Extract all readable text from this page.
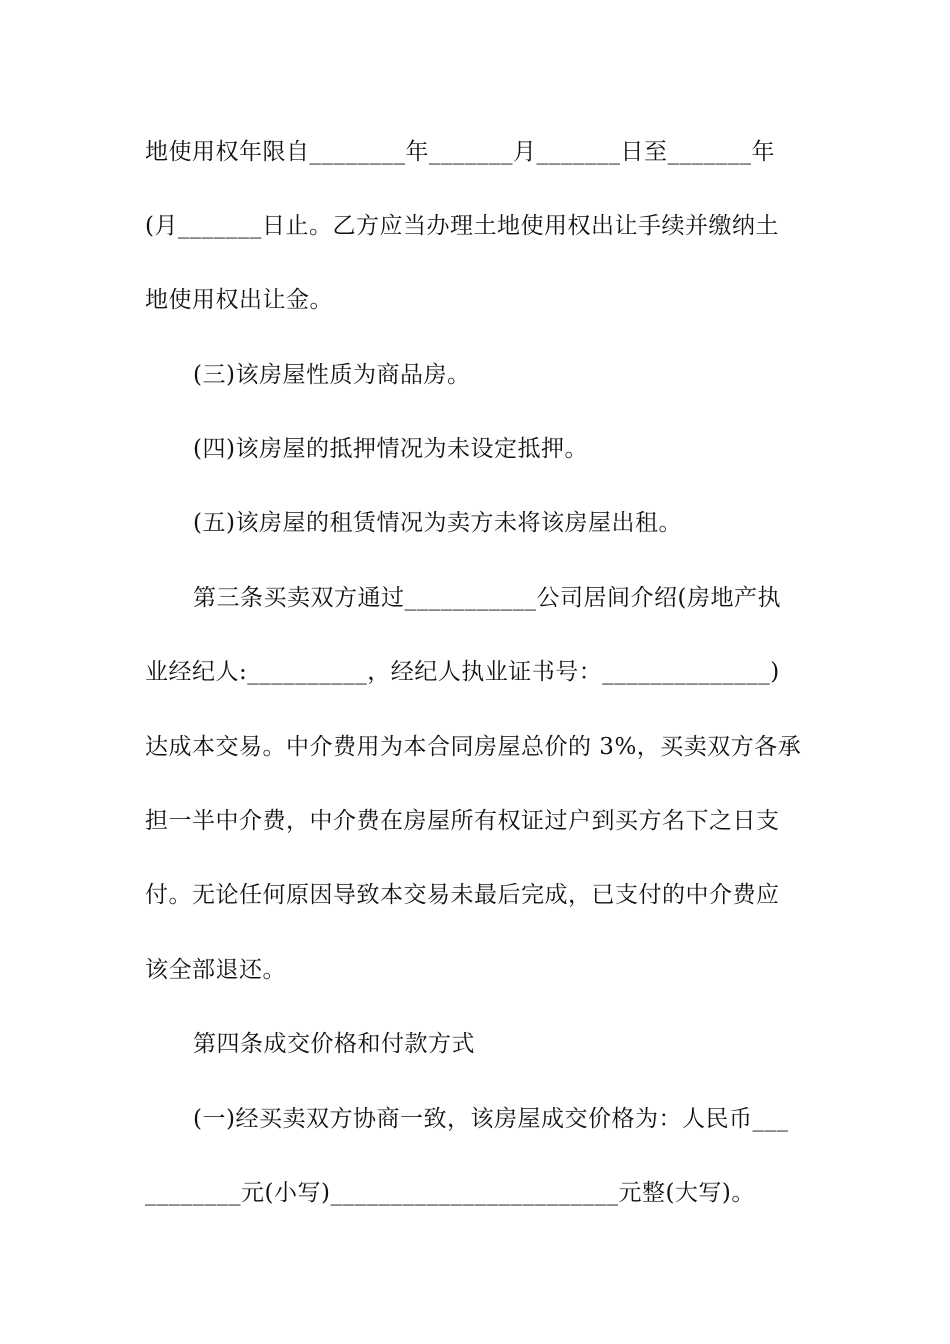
地使用权年限自________年_______月_______日至_______年
(月_______日止。乙方应当办理土地使用权出让手续并缴纳土
地使用权出让金。
(三)该房屋性质为商品房。
(四)该房屋的抵押情况为未设定抵押。
(五)该房屋的租赁情况为卖方未将该房屋出租。
第三条买卖双方通过___________公司居间介绍(房地产执
业经纪人:__________，经纪人执业证书号：______________)
达成本交易。中介费用为本合同房屋总价的 3%，买卖双方各承
担一半中介费，中介费在房屋所有权证过户到买方名下之日支
付。无论任何原因导致本交易未最后完成，已支付的中介费应
该全部退还。
第四条成交价格和付款方式
(一)经买卖双方协商一致，该房屋成交价格为：人民币___
________元(小写)________________________元整(大写)。
